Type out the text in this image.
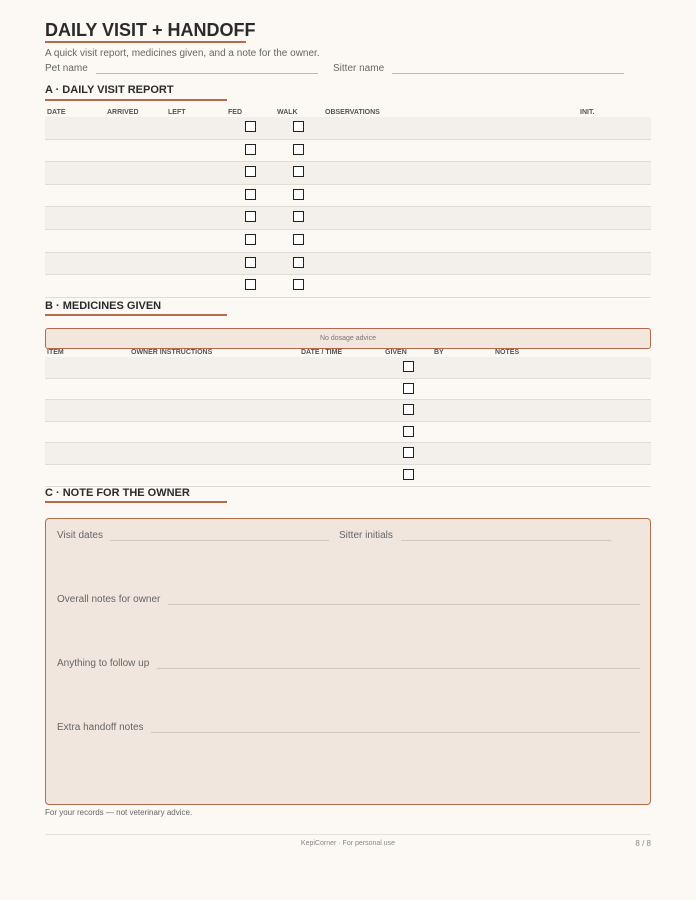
DAILY VISIT + HANDOFF
A quick visit report, medicines given, and a note for the owner.
Pet name	Sitter name
A · DAILY VISIT REPORT
DATE	ARRIVED	LEFT	FED	WALK	OBSERVATIONS	INIT.
B · MEDICINES GIVEN
No dosage advice
ITEM	OWNER INSTRUCTIONS	DATE / TIME	GIVEN	BY	NOTES
C · NOTE FOR THE OWNER
Visit dates	Sitter initials
Overall notes for owner
Anything to follow up
Extra handoff notes
For your records — not veterinary advice.
KepiCorner · For personal use	8 / 8
